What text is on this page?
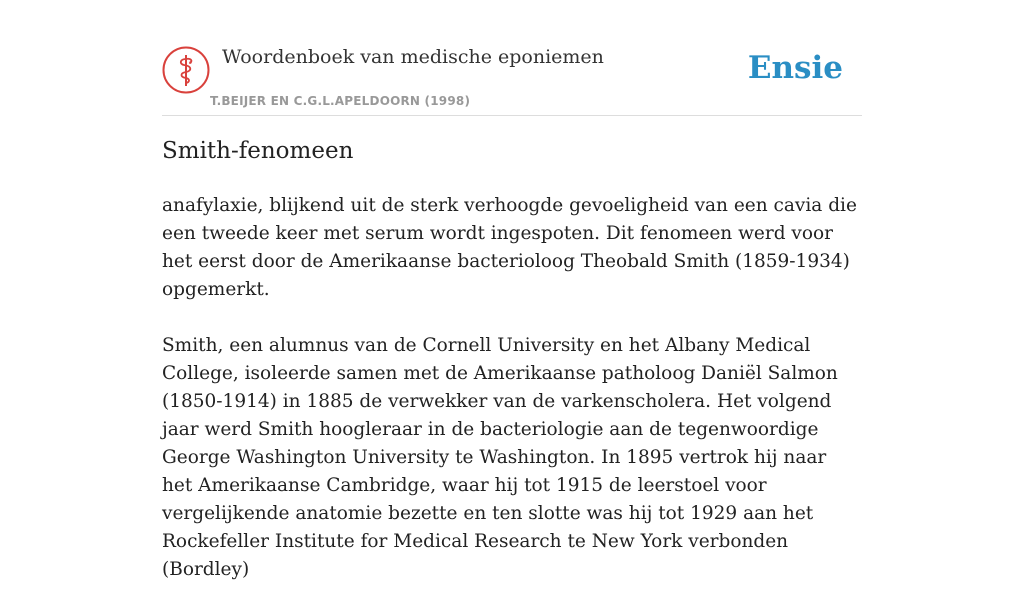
Woordenboek van medische eponiemen
T.BEIJER EN C.G.L.APELDOORN (1998)
Ensie
Smith-fenomeen

anafylaxie, blijkend uit de sterk verhoogde gevoeligheid van een cavia die een tweede keer met serum wordt ingespoten. Dit fenomeen werd voor het eerst door de Amerikaanse bacterioloog Theobald Smith (1859-1934) opgemerkt.

Smith, een alumnus van de Cornell University en het Albany Medical College, isoleerde samen met de Amerikaanse patholoog Daniël Salmon (1850-1914) in 1885 de verwekker van de varkenscholera. Het volgend jaar werd Smith hoogleraar in de bacteriologie aan de tegenwoordige George Washington University te Washington. In 1895 vertrok hij naar het Amerikaanse Cambridge, waar hij tot 1915 de leerstoel voor vergelijkende anatomie bezette en ten slotte was hij tot 1929 aan het Rockefeller Institute for Medical Research te New York verbonden (Bordley)
